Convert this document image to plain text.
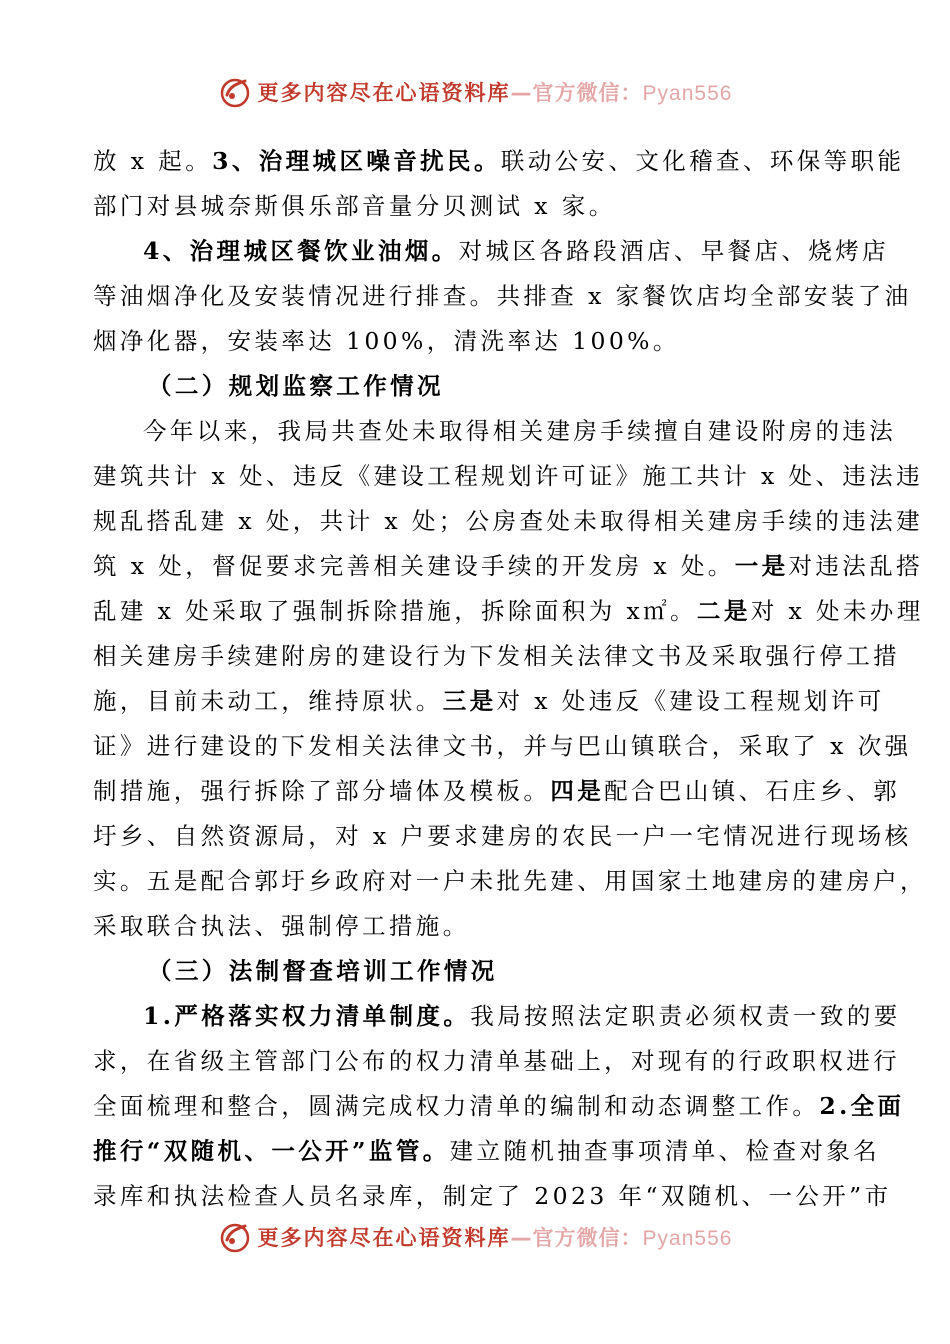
更多内容尽在心语资料库—官方微信：Pyan556
放 x 起。3、治理城区噪音扰民。联动公安、文化稽查、环保等职能
部门对县城奈斯俱乐部音量分贝测试 x 家。
4、治理城区餐饮业油烟。对城区各路段酒店、早餐店、烧烤店
等油烟净化及安装情况进行排查。共排查 x 家餐饮店均全部安装了油
烟净化器，安装率达 100%，清洗率达 100%。
（二）规划监察工作情况
今年以来，我局共查处未取得相关建房手续擅自建设附房的违法
建筑共计 x 处、违反《建设工程规划许可证》施工共计 x 处、违法违
规乱搭乱建 x 处，共计 x 处；公房查处未取得相关建房手续的违法建
筑 x 处，督促要求完善相关建设手续的开发房 x 处。一是对违法乱搭
乱建 x 处采取了强制拆除措施，拆除面积为 x㎡。二是对 x 处未办理
相关建房手续建附房的建设行为下发相关法律文书及采取强行停工措
施，目前未动工，维持原状。三是对 x 处违反《建设工程规划许可
证》进行建设的下发相关法律文书，并与巴山镇联合，采取了 x 次强
制措施，强行拆除了部分墙体及模板。四是配合巴山镇、石庄乡、郭
圩乡、自然资源局，对 x 户要求建房的农民一户一宅情况进行现场核
实。五是配合郭圩乡政府对一户未批先建、用国家土地建房的建房户，
采取联合执法、强制停工措施。
（三）法制督查培训工作情况
1.严格落实权力清单制度。我局按照法定职责必须权责一致的要
求，在省级主管部门公布的权力清单基础上，对现有的行政职权进行
全面梳理和整合，圆满完成权力清单的编制和动态调整工作。2.全面
推行“双随机、一公开”监管。建立随机抽查事项清单、检查对象名
录库和执法检查人员名录库，制定了 2023 年“双随机、一公开”市
更多内容尽在心语资料库—官方微信：Pyan556
